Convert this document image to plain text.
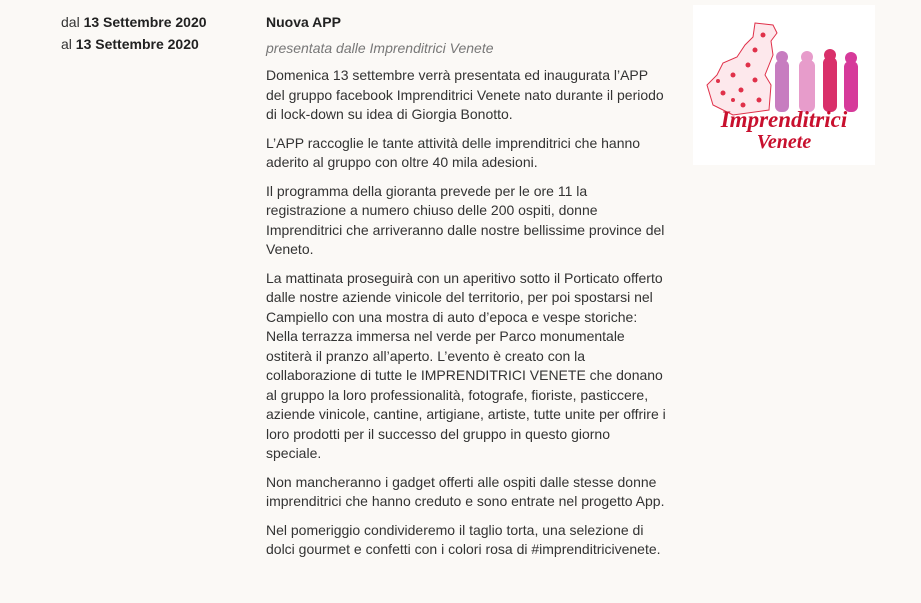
dal 13 Settembre 2020
al 13 Settembre 2020
Nuova APP
presentata dalle Imprenditrici Venete

Domenica 13 settembre verrà presentata ed inaugurata l’APP del gruppo facebook Imprenditrici Venete nato durante il periodo di lock-down su idea di Giorgia Bonotto.

L’APP raccoglie le tante attività delle imprenditrici che hanno aderito al gruppo con oltre 40 mila adesioni.

Il programma della gioranta prevede per le ore 11 la registrazione a numero chiuso delle 200 ospiti, donne Imprenditrici che arriveranno dalle nostre bellissime province del Veneto.

La mattinata proseguirà con un aperitivo sotto il Porticato offerto dalle nostre aziende vinicole del territorio, per poi spostarsi nel Campiello con una mostra di auto d’epoca e vespe storiche: Nella terrazza immersa nel verde per Parco monumentale ostiterà il pranzo all’aperto. L’evento è creato con la collaborazione di tutte le IMPRENDITRICI VENETE che donano al gruppo la loro professionalità, fotografe, fioriste, pasticcere, aziende vinicole, cantine, artigiane, artiste, tutte unite per offrire i loro prodotti per il successo del gruppo in questo giorno speciale.

Non mancheranno i gadget offerti alle ospiti dalle stesse donne imprenditrici che hanno creduto e sono entrate nel progetto App.

Nel pomeriggio condivideremo il taglio torta, una selezione di dolci gourmet e confetti con i colori rosa di #imprenditricivenete.

Imprenditrici
Venete
